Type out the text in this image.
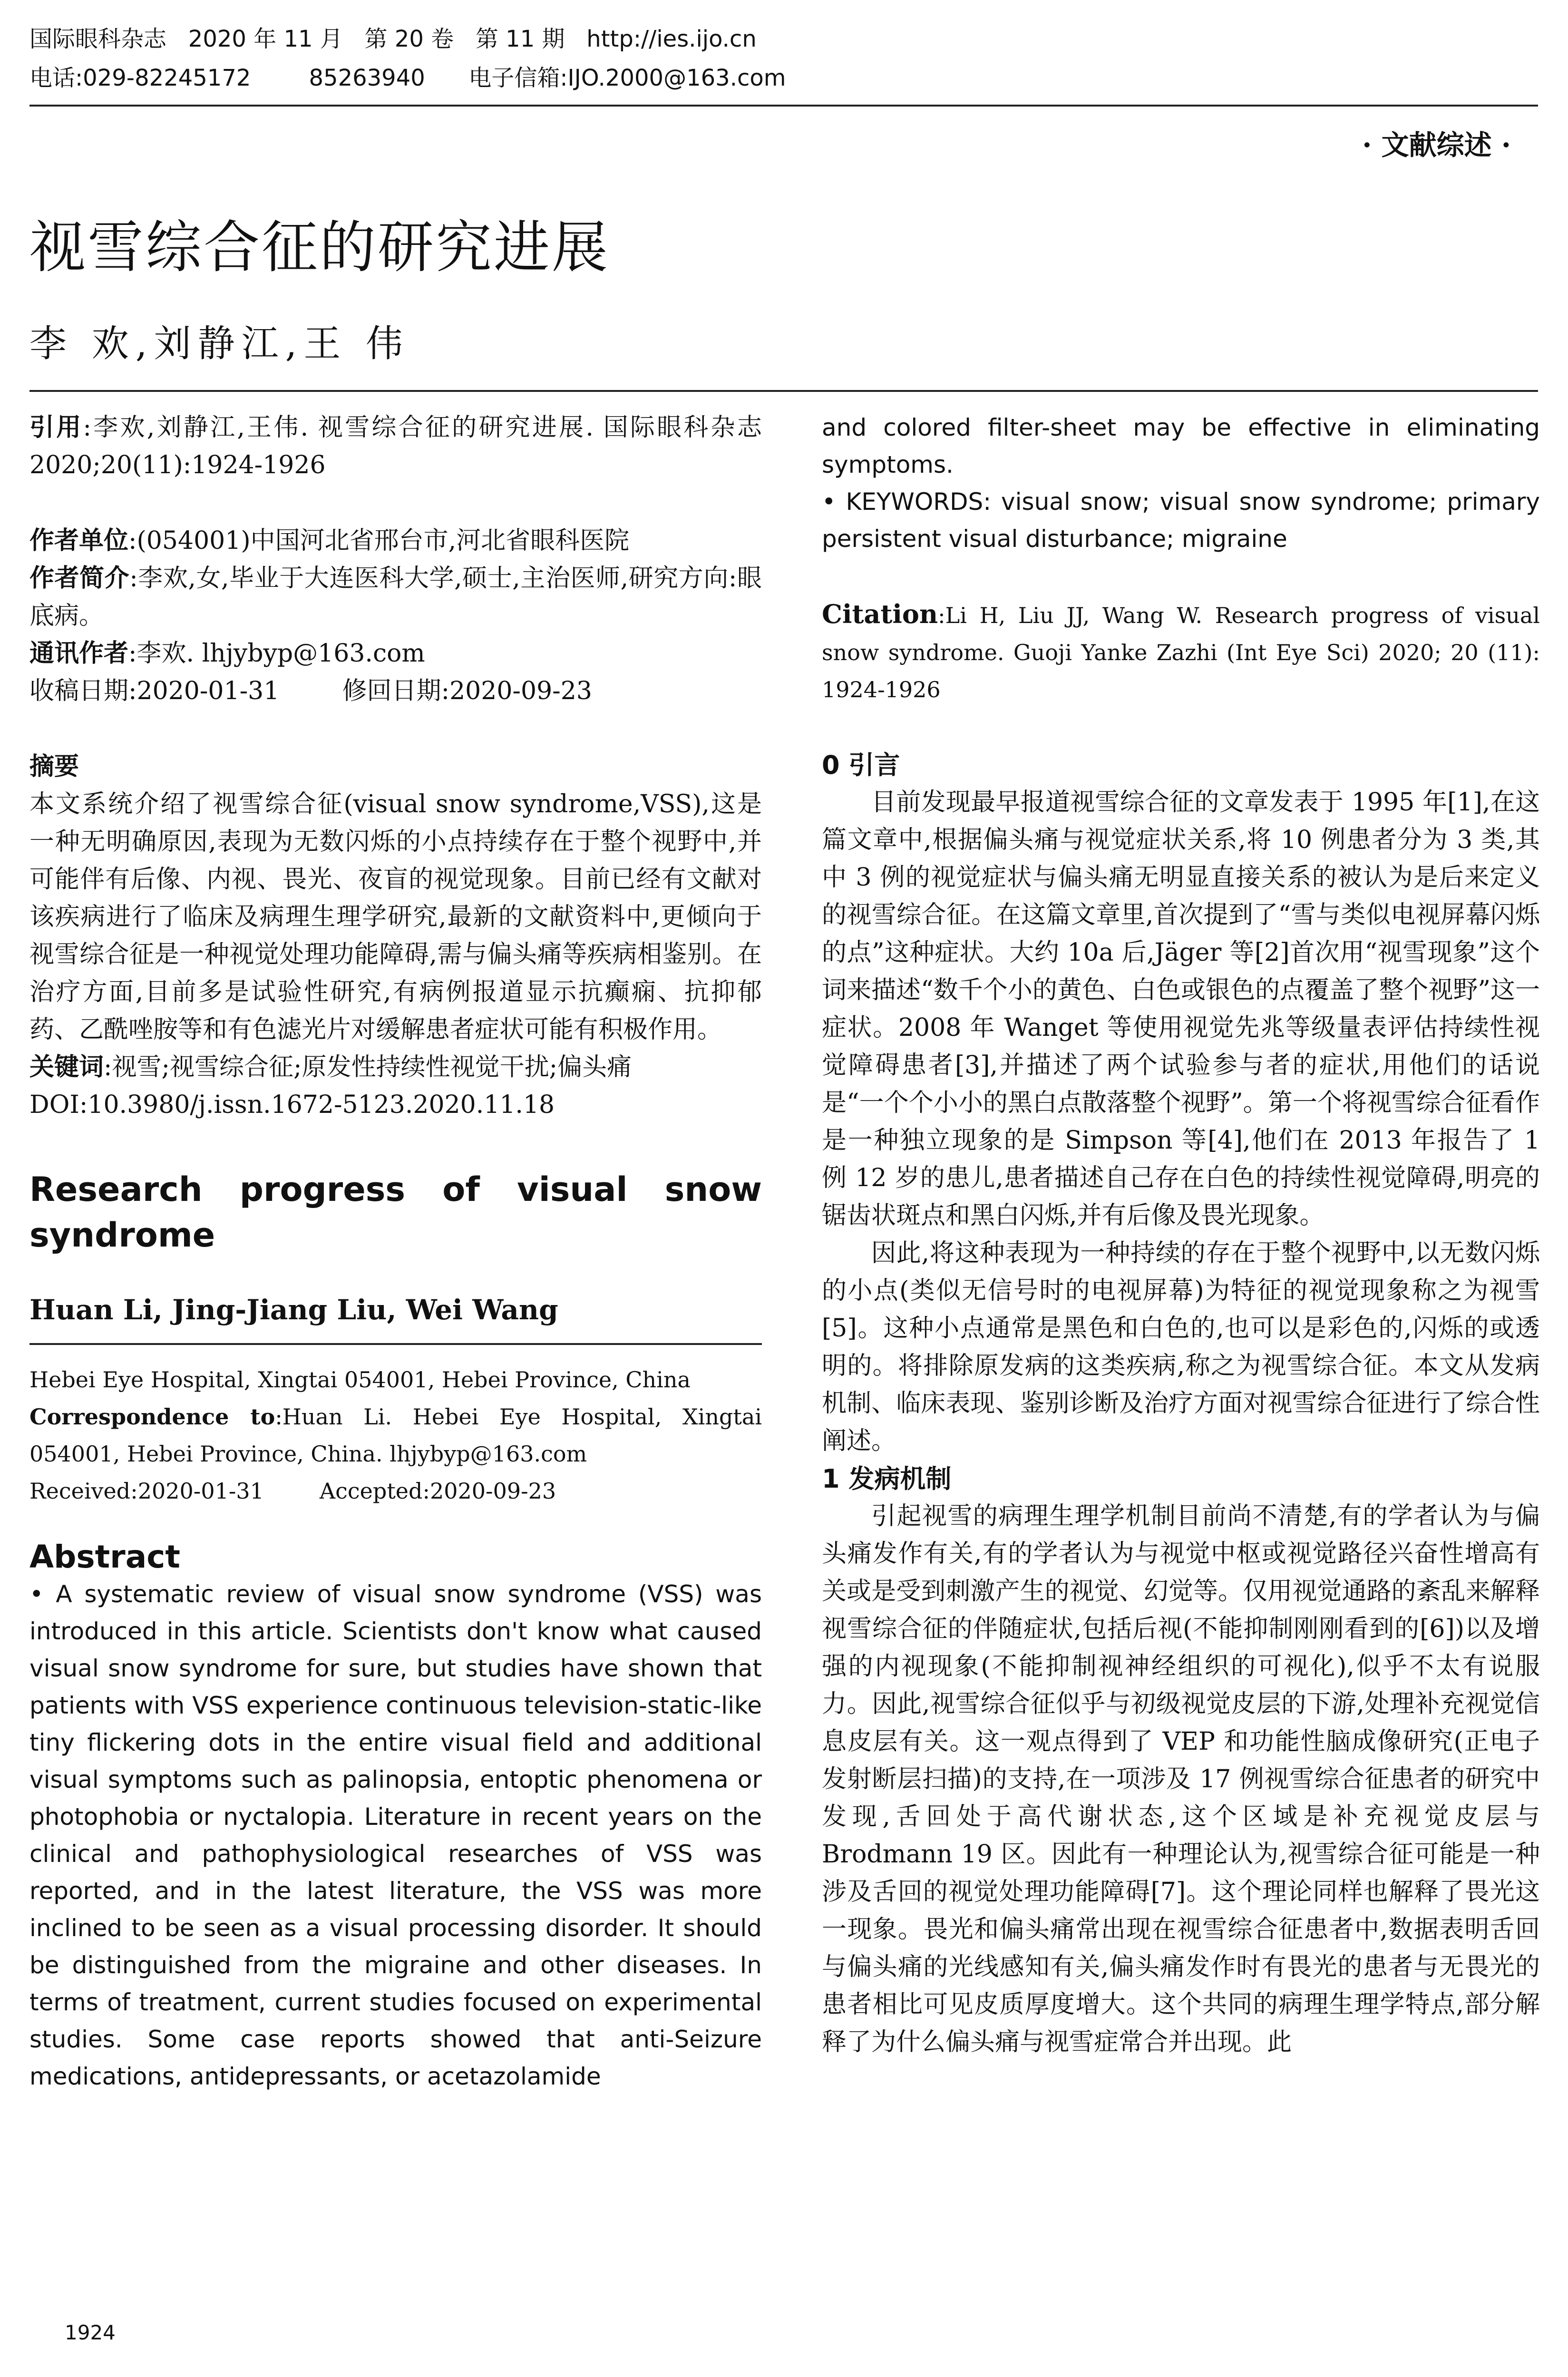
国际眼科杂志   2020 年 11 月   第 20 卷   第 11 期   http://ies.ijo.cn
电话:029-82245172        85263940      电子信箱:IJO.2000@163.com
· 文献综述 ·
视雪综合征的研究进展
李 欢,刘静江,王 伟

引用:李欢,刘静江,王伟. 视雪综合征的研究进展. 国际眼科杂志 2020;20(11):1924-1926

作者单位:(054001)中国河北省邢台市,河北省眼科医院

作者简介:李欢,女,毕业于大连医科大学,硕士,主治医师,研究方向:眼底病。

通讯作者:李欢. lhjybyp@163.com

收稿日期:2020-01-31        修回日期:2020-09-23

摘要

本文系统介绍了视雪综合征(visual snow syndrome,VSS),这是一种无明确原因,表现为无数闪烁的小点持续存在于整个视野中,并可能伴有后像、内视、畏光、夜盲的视觉现象。目前已经有文献对该疾病进行了临床及病理生理学研究,最新的文献资料中,更倾向于视雪综合征是一种视觉处理功能障碍,需与偏头痛等疾病相鉴别。在治疗方面,目前多是试验性研究,有病例报道显示抗癫痫、抗抑郁药、乙酰唑胺等和有色滤光片对缓解患者症状可能有积极作用。

关键词:视雪;视雪综合征;原发性持续性视觉干扰;偏头痛

DOI:10.3980/j.issn.1672-5123.2020.11.18

Research progress of visual snow
syndrome

Huan Li, Jing-Jiang Liu, Wei Wang

Hebei Eye Hospital, Xingtai 054001, Hebei Province, China

Correspondence to:Huan Li. Hebei Eye Hospital, Xingtai 054001, Hebei Province, China. lhjybyp@163.com

Received:2020-01-31        Accepted:2020-09-23

Abstract

• A systematic review of visual snow syndrome (VSS) was introduced in this article. Scientists don't know what caused visual snow syndrome for sure, but studies have shown that patients with VSS experience continuous television-static-like tiny flickering dots in the entire visual field and additional visual symptoms such as palinopsia, entoptic phenomena or photophobia or nyctalopia. Literature in recent years on the clinical and pathophysiological researches of VSS was reported, and in the latest literature, the VSS was more inclined to be seen as a visual processing disorder. It should be distinguished from the migraine and other diseases. In terms of treatment, current studies focused on experimental studies. Some case reports showed that anti-Seizure medications, antidepressants, or acetazolamide

1924

and colored filter-sheet may be effective in eliminating symptoms.

• KEYWORDS: visual snow; visual snow syndrome; primary persistent visual disturbance; migraine

Citation:Li H, Liu JJ, Wang W. Research progress of visual snow syndrome. Guoji Yanke Zazhi (Int Eye Sci) 2020; 20 (11): 1924-1926

0 引言

目前发现最早报道视雪综合征的文章发表于 1995 年[1],在这篇文章中,根据偏头痛与视觉症状关系,将 10 例患者分为 3 类,其中 3 例的视觉症状与偏头痛无明显直接关系的被认为是后来定义的视雪综合征。在这篇文章里,首次提到了“雪与类似电视屏幕闪烁的点”这种症状。大约 10a 后,Jäger 等[2]首次用“视雪现象”这个词来描述“数千个小的黄色、白色或银色的点覆盖了整个视野”这一症状。2008 年 Wanget 等使用视觉先兆等级量表评估持续性视觉障碍患者[3],并描述了两个试验参与者的症状,用他们的话说是“一个个小小的黑白点散落整个视野”。第一个将视雪综合征看作是一种独立现象的是 Simpson 等[4],他们在 2013 年报告了 1 例 12 岁的患儿,患者描述自己存在白色的持续性视觉障碍,明亮的锯齿状斑点和黑白闪烁,并有后像及畏光现象。

因此,将这种表现为一种持续的存在于整个视野中,以无数闪烁的小点(类似无信号时的电视屏幕)为特征的视觉现象称之为视雪[5]。这种小点通常是黑色和白色的,也可以是彩色的,闪烁的或透明的。将排除原发病的这类疾病,称之为视雪综合征。本文从发病机制、临床表现、鉴别诊断及治疗方面对视雪综合征进行了综合性阐述。

1 发病机制

引起视雪的病理生理学机制目前尚不清楚,有的学者认为与偏头痛发作有关,有的学者认为与视觉中枢或视觉路径兴奋性增高有关或是受到刺激产生的视觉、幻觉等。仅用视觉通路的紊乱来解释视雪综合征的伴随症状,包括后视(不能抑制刚刚看到的[6])以及增强的内视现象(不能抑制视神经组织的可视化),似乎不太有说服力。因此,视雪综合征似乎与初级视觉皮层的下游,处理补充视觉信息皮层有关。这一观点得到了 VEP 和功能性脑成像研究(正电子发射断层扫描)的支持,在一项涉及 17 例视雪综合征患者的研究中发现,舌回处于高代谢状态,这个区域是补充视觉皮层与 Brodmann 19 区。因此有一种理论认为,视雪综合征可能是一种涉及舌回的视觉处理功能障碍[7]。这个理论同样也解释了畏光这一现象。畏光和偏头痛常出现在视雪综合征患者中,数据表明舌回与偏头痛的光线感知有关,偏头痛发作时有畏光的患者与无畏光的患者相比可见皮质厚度增大。这个共同的病理生理学特点,部分解释了为什么偏头痛与视雪症常合并出现。此
